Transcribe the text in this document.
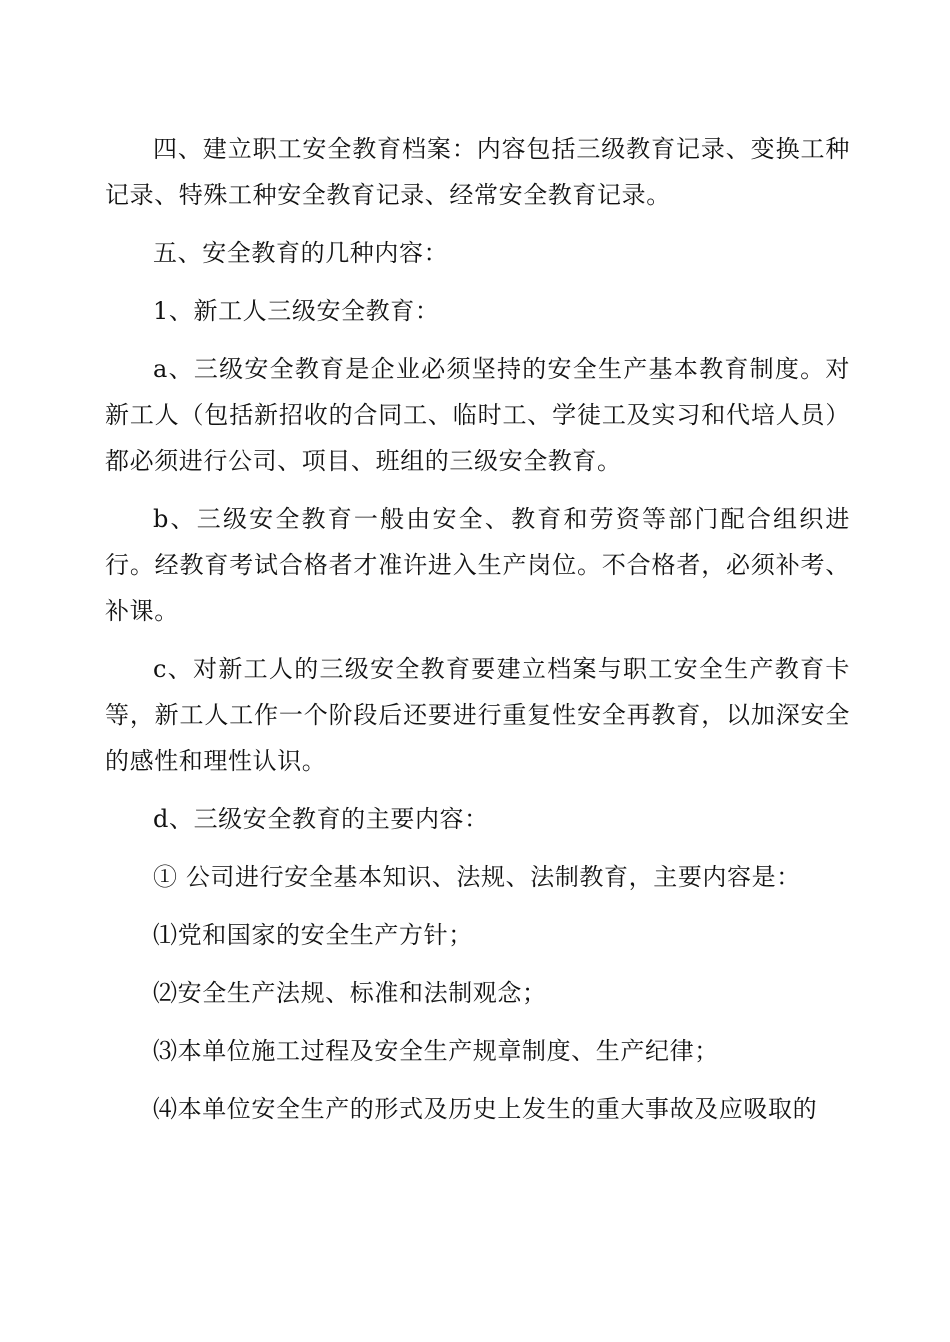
四、建立职工安全教育档案：内容包括三级教育记录、变换工种记录、特殊工种安全教育记录、经常安全教育记录。

五、安全教育的几种内容：

1、新工人三级安全教育：

a、三级安全教育是企业必须坚持的安全生产基本教育制度。对新工人（包括新招收的合同工、临时工、学徒工及实习和代培人员）都必须进行公司、项目、班组的三级安全教育。

b、三级安全教育一般由安全、教育和劳资等部门配合组织进行。经教育考试合格者才准许进入生产岗位。不合格者，必须补考、补课。

c、对新工人的三级安全教育要建立档案与职工安全生产教育卡等，新工人工作一个阶段后还要进行重复性安全再教育，以加深安全的感性和理性认识。

d、三级安全教育的主要内容：

① 公司进行安全基本知识、法规、法制教育，主要内容是：

⑴党和国家的安全生产方针；

⑵安全生产法规、标准和法制观念；

⑶本单位施工过程及安全生产规章制度、生产纪律；

⑷本单位安全生产的形式及历史上发生的重大事故及应吸取的
